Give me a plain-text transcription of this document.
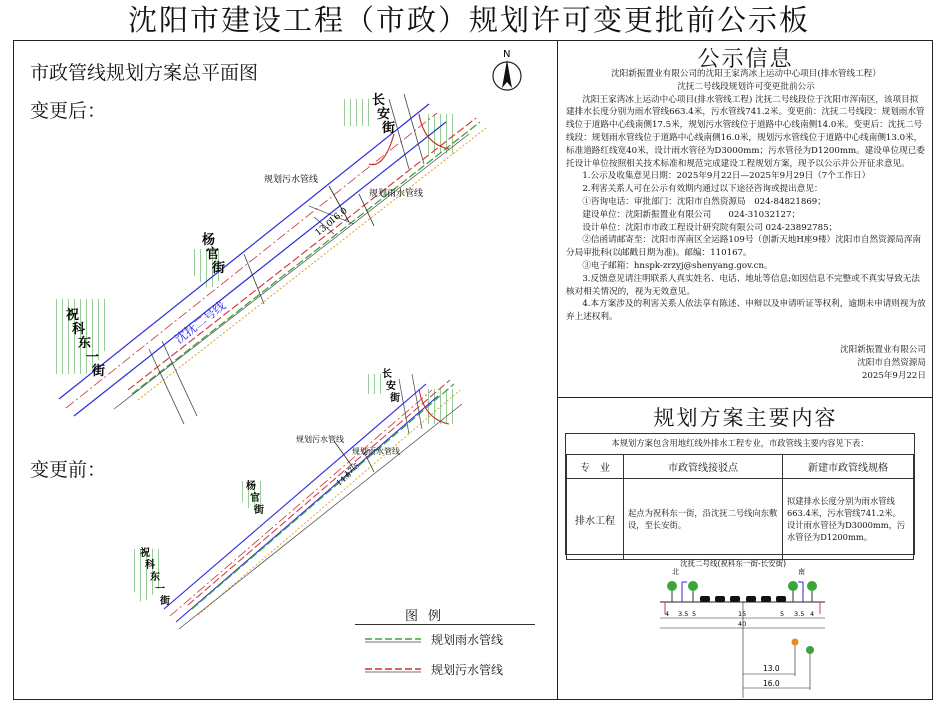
沈阳市建设工程（市政）规划许可变更批前公示板
N
规划污水管线
规划雨水管线
16.0
13.0
沈抚二号线
长安街
杨官街
祝科东一街
规划污水管线
规划雨水管线
17.5
14.0
长安街
杨官街
祝科东一街
市政管线规划方案总平面图
变更后：
变更前：
图例
规划雨水管线
规划污水管线
公示信息

沈阳新振置业有限公司的沈阳王家湾冰上运动中心项目(排水管线工程）

沈抚二号线段规划许可变更批前公示

沈阳王家湾冰上运动中心项目(排水管线工程) 沈抚二号线段位于沈阳市浑南区，该项目拟建排水长度分别为雨水管线663.4米，污水管线741.2米。变更前：沈抚二号线段：规划雨水管线位于道路中心线南侧17.5米，规划污水管线位于道路中心线南侧14.0米。变更后：沈抚二号线段：规划雨水管线位于道路中心线南侧16.0米，规划污水管线位于道路中心线南侧13.0米，标准道路红线宽40米，设计雨水管径为D3000mm；污水管径为D1200mm。建设单位现已委托设计单位按照相关技术标准和规范完成建设工程规划方案，现予以公示并公开征求意见。

1.公示及收集意见日期：2025年9月22日—2025年9月29日（7个工作日）

2.利害关系人可在公示有效期内通过以下途径咨询或提出意见：

①咨询电话：审批部门：沈阳市自然资源局　024-84821869；

建设单位：沈阳新振置业有限公司　　024-31032127；

设计单位：沈阳市市政工程设计研究院有限公司 024-23892785；

②信函请邮寄至：沈阳市浑南区全运路109号（创新天地H座9楼）沈阳市自然资源局浑南分局审批科(以邮戳日期为准)。邮编：110167。

③电子邮箱：hnspk-zrzyj@shenyang.gov.cn。

3.反馈意见请注明联系人真实姓名、电话、地址等信息;如因信息不完整或不真实导致无法核对相关情况的，视为无效意见。

4.本方案涉及的利害关系人依法享有陈述、申辩以及申请听证等权利，逾期未申请则视为放弃上述权利。

沈阳新振置业有限公司

沈阳市自然资源局

2025年9月22日

规划方案主要内容
本规划方案包含用地红线外排水工程专业，市政管线主要内容见下表：
专　业	市政管线接驳点	新建市政管线规格
排水工程	起点为祝科东一街，沿沈抚二号线向东敷设，至长安街。	拟建排水长度分别为雨水管线663.4米，污水管线741.2米。设计雨水管径为D3000mm，污水管径为D1200mm。
沈抚二号线(祝科东一街-长安街)
北	南
4 3.5 5	15	5 3.5 4
40
13.0
16.0
